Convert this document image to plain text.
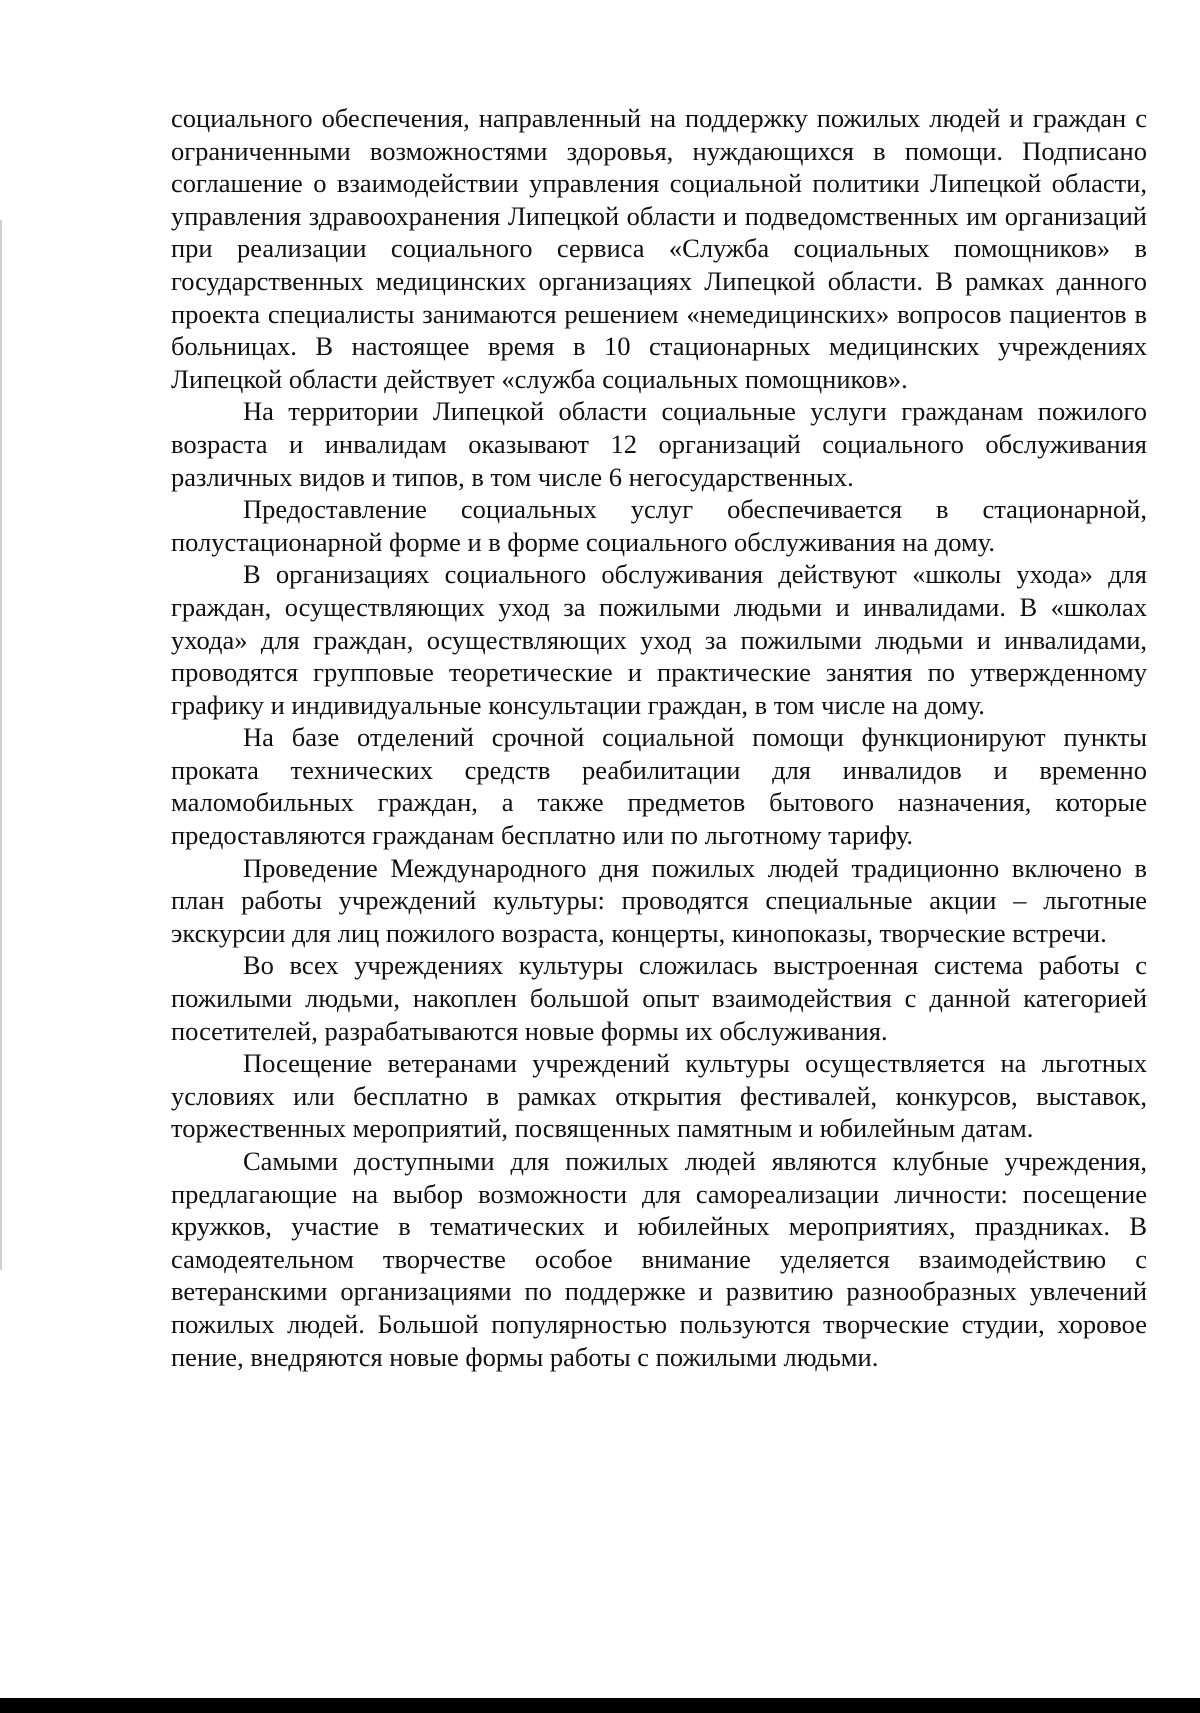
социального обеспечения, направленный на поддержку пожилых людей и граждан с ограниченными возможностями здоровья, нуждающихся в помощи. Подписано соглашение о взаимодействии управления социальной политики Липецкой области, управления здравоохранения Липецкой области и подведомственных им организаций при реализации социального сервиса «Служба социальных помощников» в государственных медицинских организациях Липецкой области. В рамках данного проекта специалисты занимаются решением «немедицинских» вопросов пациентов в больницах. В настоящее время в 10 стационарных медицинских учреждениях Липецкой области действует «служба социальных помощников».

На территории Липецкой области социальные услуги гражданам пожилого возраста и инвалидам оказывают 12 организаций социального обслуживания различных видов и типов, в том числе 6 негосударственных.

Предоставление социальных услуг обеспечивается в стационарной, полустационарной форме и в форме социального обслуживания на дому.

В организациях социального обслуживания действуют «школы ухода» для граждан, осуществляющих уход за пожилыми людьми и инвалидами. В «школах ухода» для граждан, осуществляющих уход за пожилыми людьми и инвалидами, проводятся групповые теоретические и практические занятия по утвержденному графику и индивидуальные консультации граждан, в том числе на дому.

На базе отделений срочной социальной помощи функционируют пункты проката технических средств реабилитации для инвалидов и временно маломобильных граждан, а также предметов бытового назначения, которые предоставляются гражданам бесплатно или по льготному тарифу.

Проведение Международного дня пожилых людей традиционно включено в план работы учреждений культуры: проводятся специальные акции – льготные экскурсии для лиц пожилого возраста, концерты, кинопоказы, творческие встречи.

Во всех учреждениях культуры сложилась выстроенная система работы с пожилыми людьми, накоплен большой опыт взаимодействия с данной категорией посетителей, разрабатываются новые формы их обслуживания.

Посещение ветеранами учреждений культуры осуществляется на льготных условиях или бесплатно в рамках открытия фестивалей, конкурсов, выставок, торжественных мероприятий, посвященных памятным и юбилейным датам.

Самыми доступными для пожилых людей являются клубные учреждения, предлагающие на выбор возможности для самореализации личности: посещение кружков, участие в тематических и юбилейных мероприятиях, праздниках. В самодеятельном творчестве особое внимание уделяется взаимодействию с ветеранскими организациями по поддержке и развитию разнообразных увлечений пожилых людей. Большой популярностью пользуются творческие студии, хоровое пение, внедряются новые формы работы с пожилыми людьми.
